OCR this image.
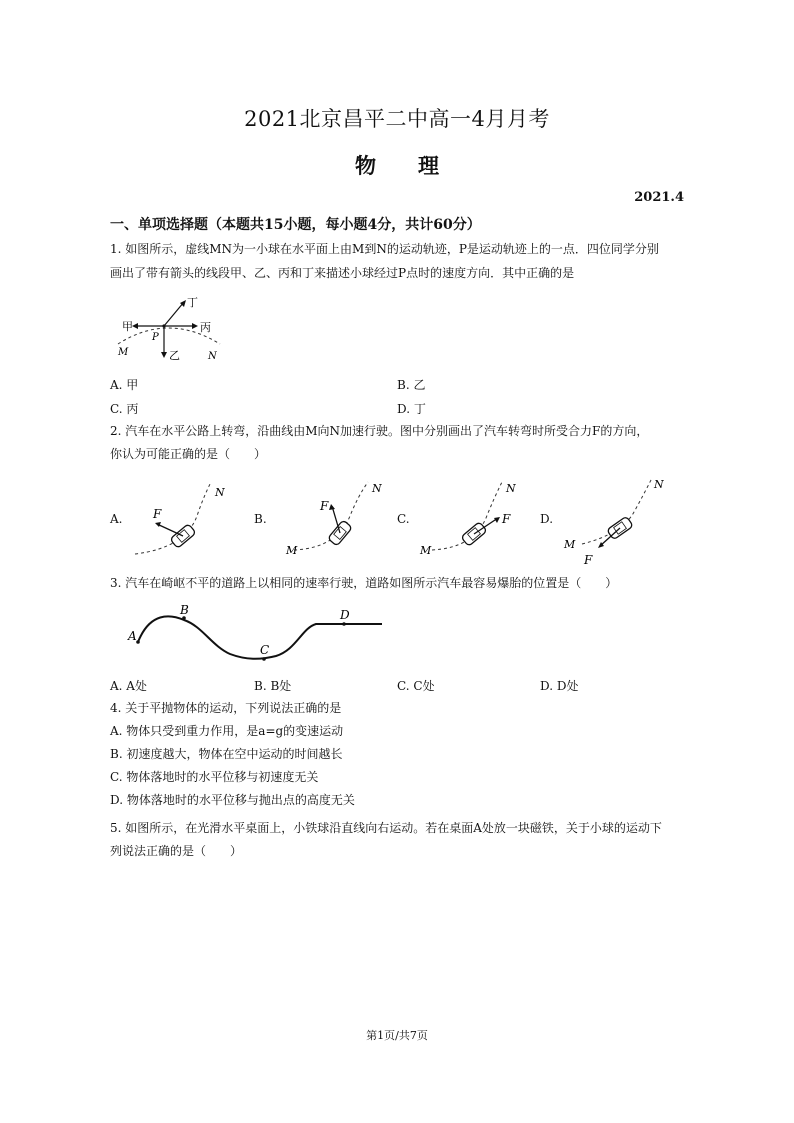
2021北京昌平二中高一4月月考
物　　理
2021.4
一、单项选择题（本题共15小题，每小题4分，共计60分）
1. 如图所示，虚线MN为一小球在水平面上由M到N的运动轨迹，P是运动轨迹上的一点．四位同学分别
画出了带有箭头的线段甲、乙、丙和丁来描述小球经过P点时的速度方向．其中正确的是
甲	丙
乙
丁
P
M	N
A. 甲	B. 乙
C. 丙	D. 丁
2. 汽车在水平公路上转弯，沿曲线由M向N加速行驶。图中分别画出了汽车转弯时所受合力F的方向，
你认为可能正确的是（　　）
A.	B.	C.	D.
F
N
F
N
M
F
N
M
F
N
M
3. 汽车在崎岖不平的道路上以相同的速率行驶，道路如图所示汽车最容易爆胎的位置是（　　）
A
B
C
D
A. A处	B. B处	C. C处	D. D处
4. 关于平抛物体的运动，下列说法正确的是
A. 物体只受到重力作用，是a=g的变速运动
B. 初速度越大，物体在空中运动的时间越长
C. 物体落地时的水平位移与初速度无关
D. 物体落地时的水平位移与抛出点的高度无关
5. 如图所示，在光滑水平桌面上，小铁球沿直线向右运动。若在桌面A处放一块磁铁，关于小球的运动下
列说法正确的是（　　）
第1页/共7页
